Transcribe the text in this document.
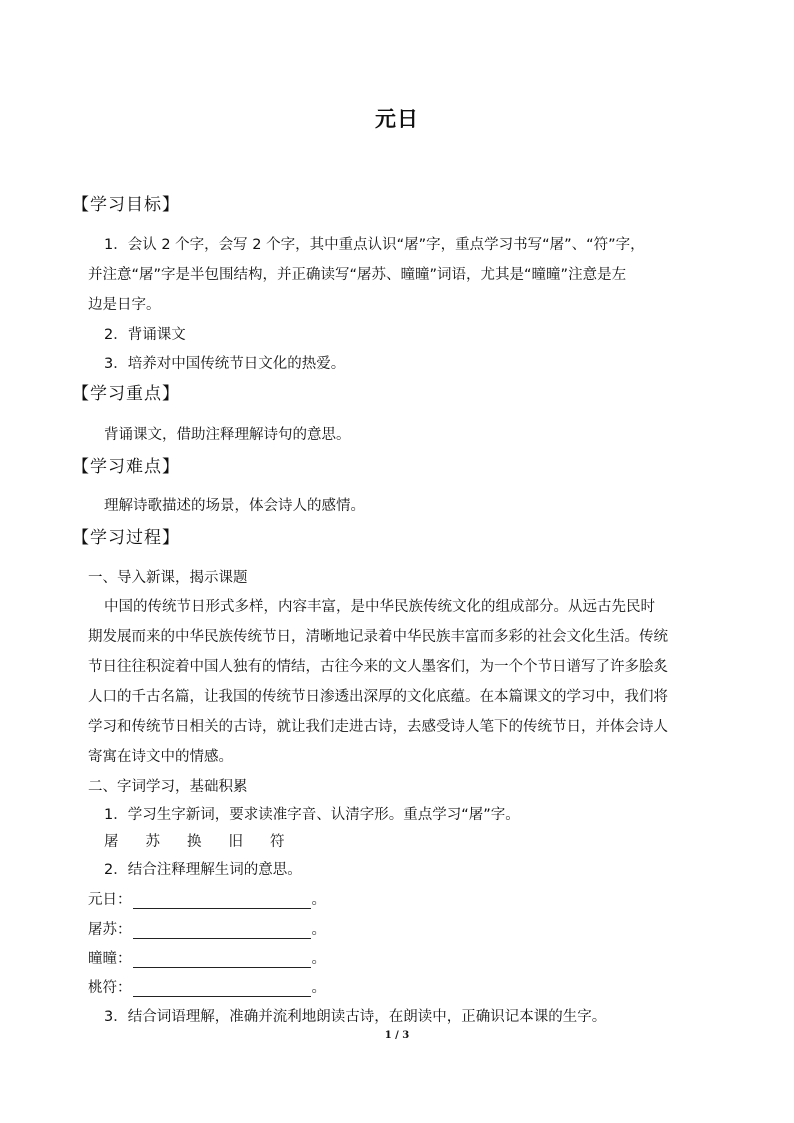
元日
【学习目标】
1．会认 2 个字，会写 2 个字，其中重点认识“屠”字，重点学习书写“屠”、“符”字，
并注意“屠”字是半包围结构，并正确读写“屠苏、曈曈”词语，尤其是“曈曈”注意是左
边是日字。
2．背诵课文
3．培养对中国传统节日文化的热爱。
【学习重点】
背诵课文，借助注释理解诗句的意思。
【学习难点】
理解诗歌描述的场景，体会诗人的感情。
【学习过程】
一、导入新课，揭示课题
中国的传统节日形式多样，内容丰富，是中华民族传统文化的组成部分。从远古先民时
期发展而来的中华民族传统节日，清晰地记录着中华民族丰富而多彩的社会文化生活。传统
节日往往积淀着中国人独有的情结，古往今来的文人墨客们，为一个个节日谱写了许多脍炙
人口的千古名篇，让我国的传统节日渗透出深厚的文化底蕴。在本篇课文的学习中，我们将
学习和传统节日相关的古诗，就让我们走进古诗，去感受诗人笔下的传统节日，并体会诗人
寄寓在诗文中的情感。
二、字词学习，基础积累
1．学习生字新词，要求读准字音、认清字形。重点学习“屠”字。
屠 苏 换 旧 符
2．结合注释理解生词的意思。
元日：	。
屠苏：	。
曈曈：	。
桃符：	。
3．结合词语理解，准确并流利地朗读古诗，在朗读中，正确识记本课的生字。
1 / 3
